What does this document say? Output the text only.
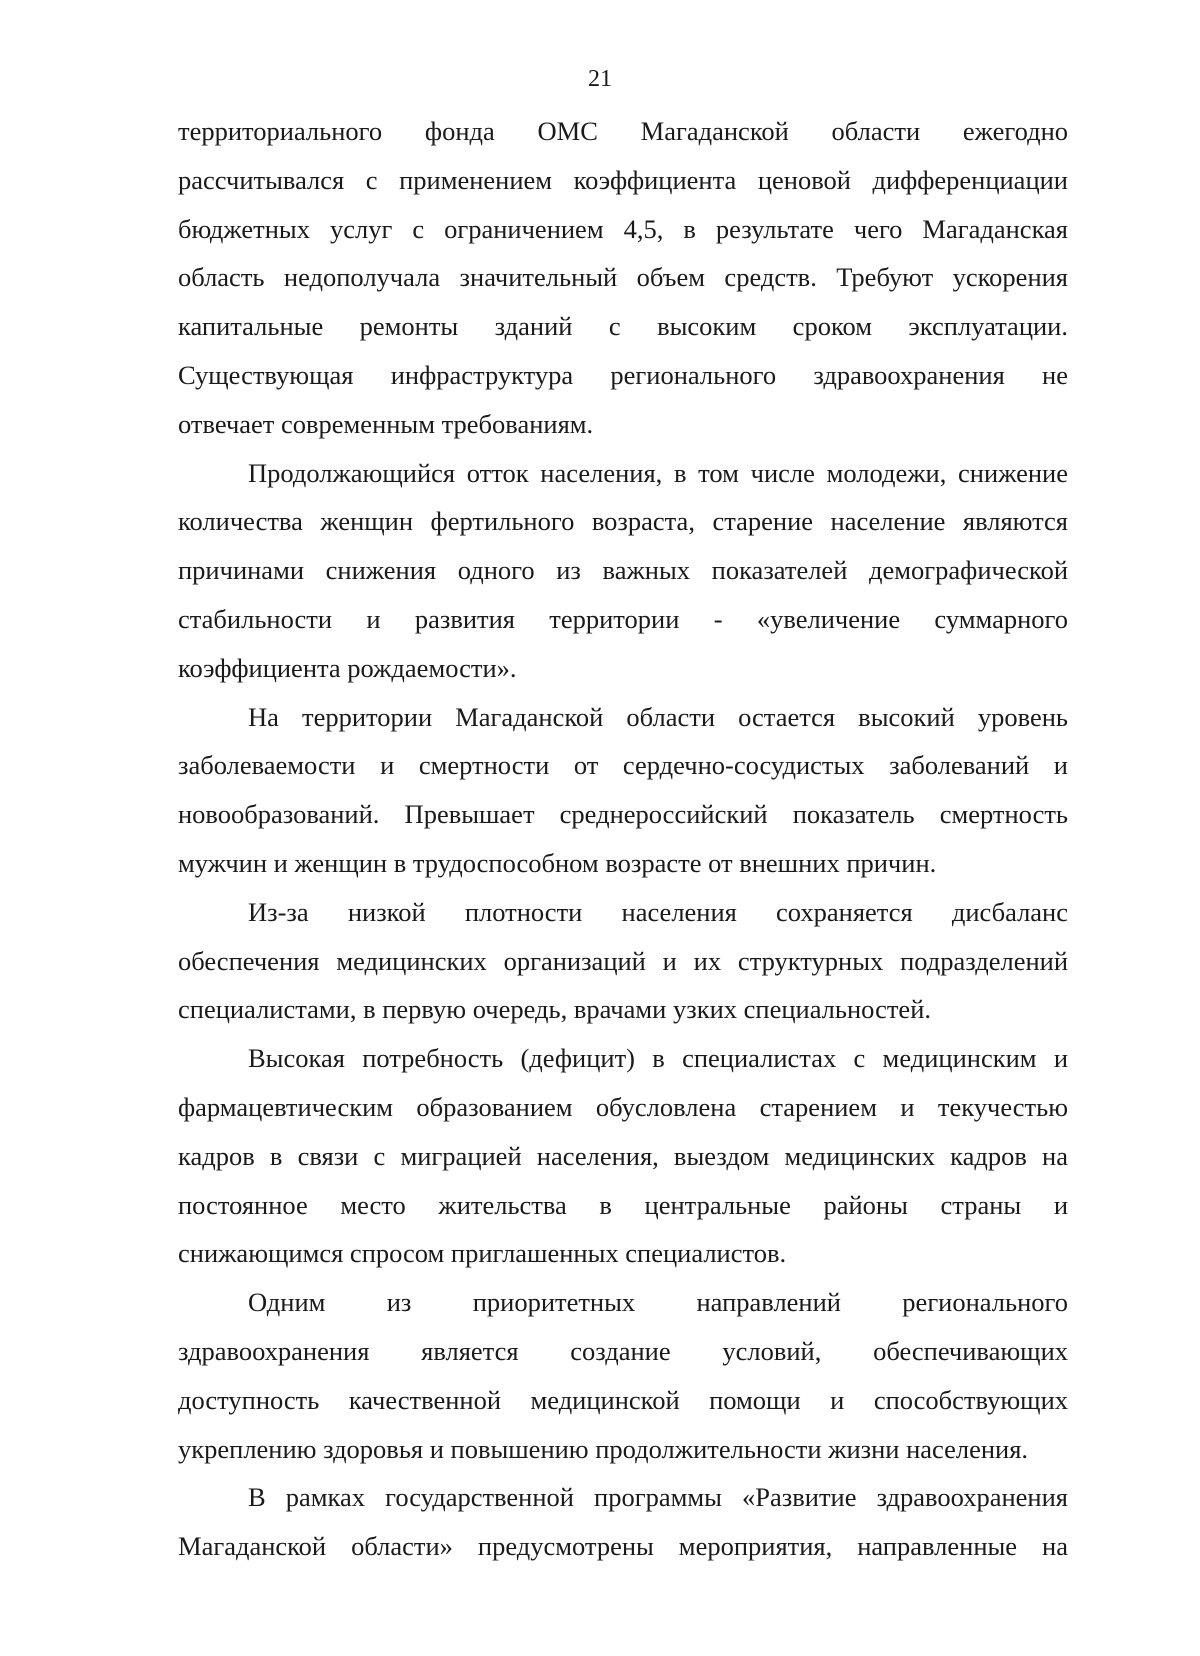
21
территориального фонда ОМС Магаданской области ежегодно
рассчитывался с применением коэффициента ценовой дифференциации
бюджетных услуг с ограничением 4,5, в результате чего Магаданская
область недополучала значительный объем средств. Требуют ускорения
капитальные ремонты зданий с высоким сроком эксплуатации.
Существующая инфраструктура регионального здравоохранения не
отвечает современным требованиям.
Продолжающийся отток населения, в том числе молодежи, снижение
количества женщин фертильного возраста, старение население являются
причинами снижения одного из важных показателей демографической
стабильности и развития территории - «увеличение суммарного
коэффициента рождаемости».
На территории Магаданской области остается высокий уровень
заболеваемости и смертности от сердечно-сосудистых заболеваний и
новообразований. Превышает среднероссийский показатель смертность
мужчин и женщин в трудоспособном возрасте от внешних причин.
Из-за низкой плотности населения сохраняется дисбаланс
обеспечения медицинских организаций и их структурных подразделений
специалистами, в первую очередь, врачами узких специальностей.
Высокая потребность (дефицит) в специалистах с медицинским и
фармацевтическим образованием обусловлена старением и текучестью
кадров в связи с миграцией населения, выездом медицинских кадров на
постоянное место жительства в центральные районы страны и
снижающимся спросом приглашенных специалистов.
Одним из приоритетных направлений регионального
здравоохранения является создание условий, обеспечивающих
доступность качественной медицинской помощи и способствующих
укреплению здоровья и повышению продолжительности жизни населения.
В рамках государственной программы «Развитие здравоохранения
Магаданской области» предусмотрены мероприятия, направленные на
